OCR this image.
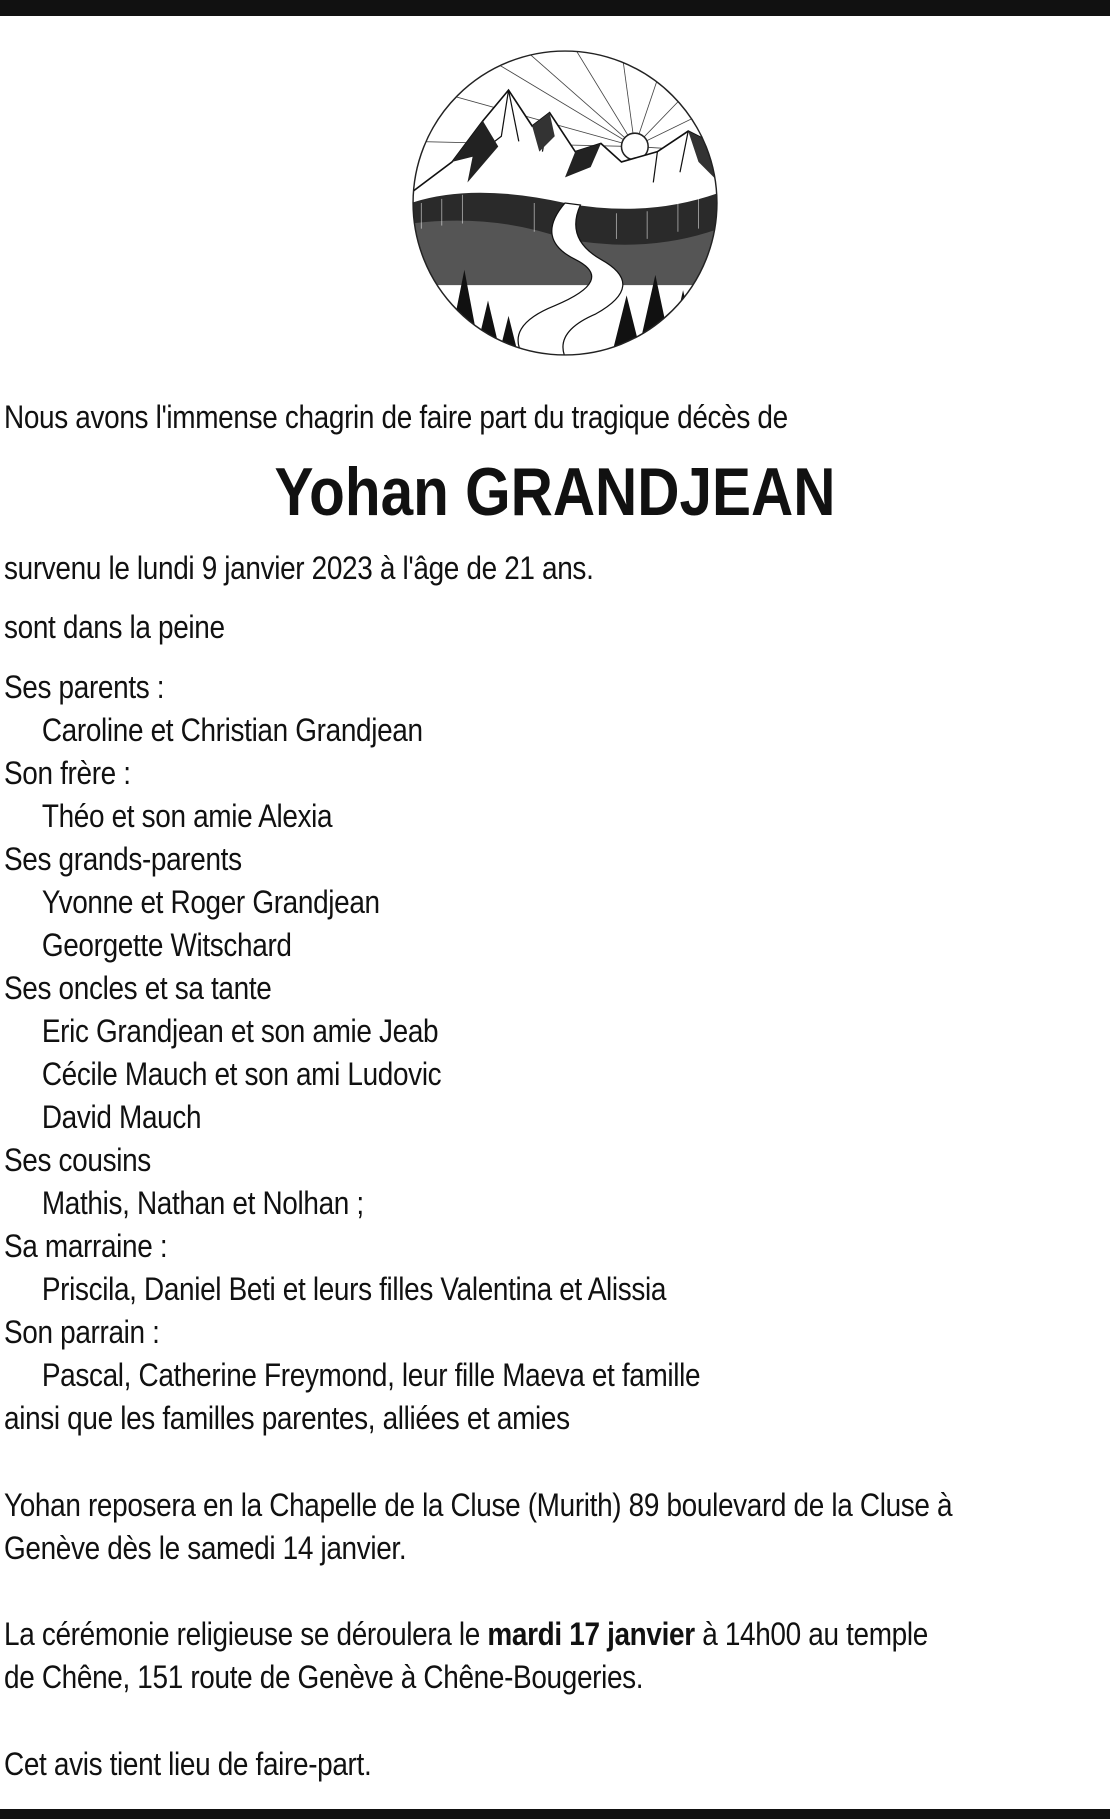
Nous avons l'immense chagrin de faire part du tragique décès de
Yohan GRANDJEAN
survenu le lundi 9 janvier 2023 à l'âge de 21 ans.
sont dans la peine
Ses parents :
Caroline et Christian Grandjean
Son frère :
Théo et son amie Alexia
Ses grands-parents
Yvonne et Roger Grandjean
Georgette Witschard
Ses oncles et sa tante
Eric Grandjean et son amie Jeab
Cécile Mauch et son ami Ludovic
David Mauch
Ses cousins
Mathis, Nathan et Nolhan ;
Sa marraine :
Priscila, Daniel Beti et leurs filles Valentina et Alissia
Son parrain :
Pascal, Catherine Freymond, leur fille Maeva et famille
ainsi que les familles parentes, alliées et amies
Yohan reposera en la Chapelle de la Cluse (Murith) 89 boulevard de la Cluse à
Genève dès le samedi 14 janvier.
La cérémonie religieuse se déroulera le mardi 17 janvier à 14h00 au temple
de Chêne, 151 route de Genève à Chêne-Bougeries.
Cet avis tient lieu de faire-part.
